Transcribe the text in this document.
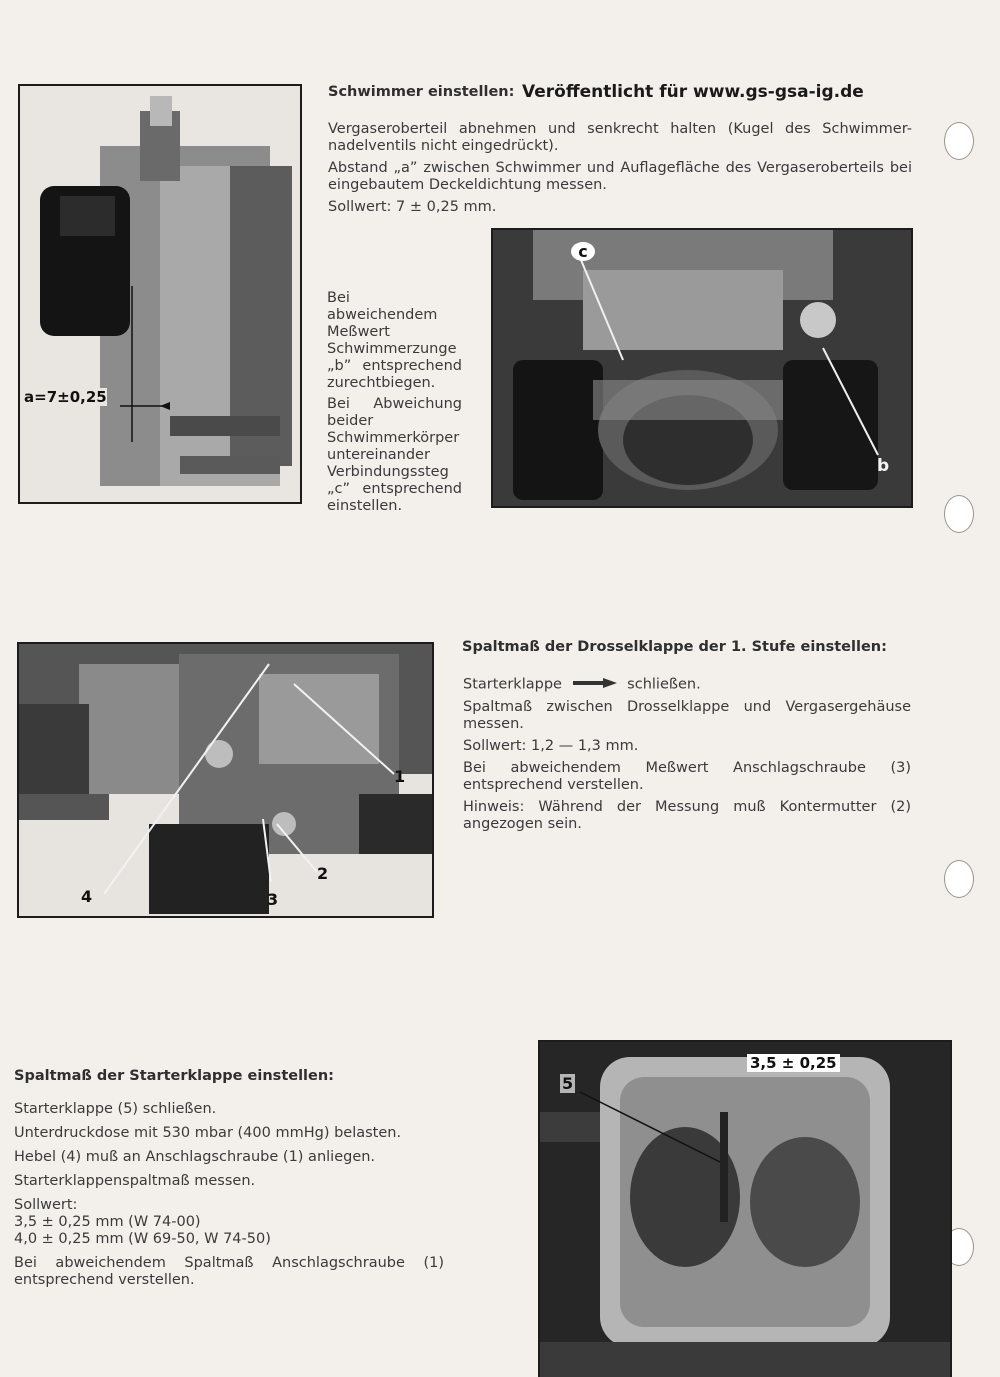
Schwimmer einstellen: Veröffentlicht für www.gs-gsa-ig.de

Vergaseroberteil abnehmen und senkrecht halten (Kugel des Schwimmer-nadelventils nicht eingedrückt).

Abstand „a” zwischen Schwimmer und Auflagefläche des Vergaseroberteils bei eingebautem Deckeldichtung messen.

Sollwert: 7 ± 0,25 mm.

Bei abweichendem Meßwert Schwimmerzunge „b” entsprechend zurechtbiegen.

Bei Abweichung beider Schwimmerkörper untereinander Verbindungssteg „c” entsprechend einstellen.

a=7±0,25
c
b
Spaltmaß der Drosselklappe der 1. Stufe einstellen:

Starterklappe	schließen.

Spaltmaß zwischen Drosselklappe und Vergasergehäuse messen.

Sollwert: 1,2 — 1,3 mm.

Bei abweichendem Meßwert Anschlagschraube (3) entsprechend verstellen.

Hinweis: Während der Messung muß Kontermutter (2) angezogen sein.

1
2
3
4
Spaltmaß der Starterklappe einstellen:

Starterklappe (5) schließen.

Unterdruckdose mit 530 mbar (400 mmHg) belasten.

Hebel (4) muß an Anschlagschraube (1) anliegen.

Starterklappenspaltmaß messen.

Sollwert:

3,5 ± 0,25 mm (W 74-00)

4,0 ± 0,25 mm (W 69-50, W 74-50)

Bei abweichendem Spaltmaß Anschlagschraube (1) entsprechend verstellen.

5
3,5 ± 0,25
